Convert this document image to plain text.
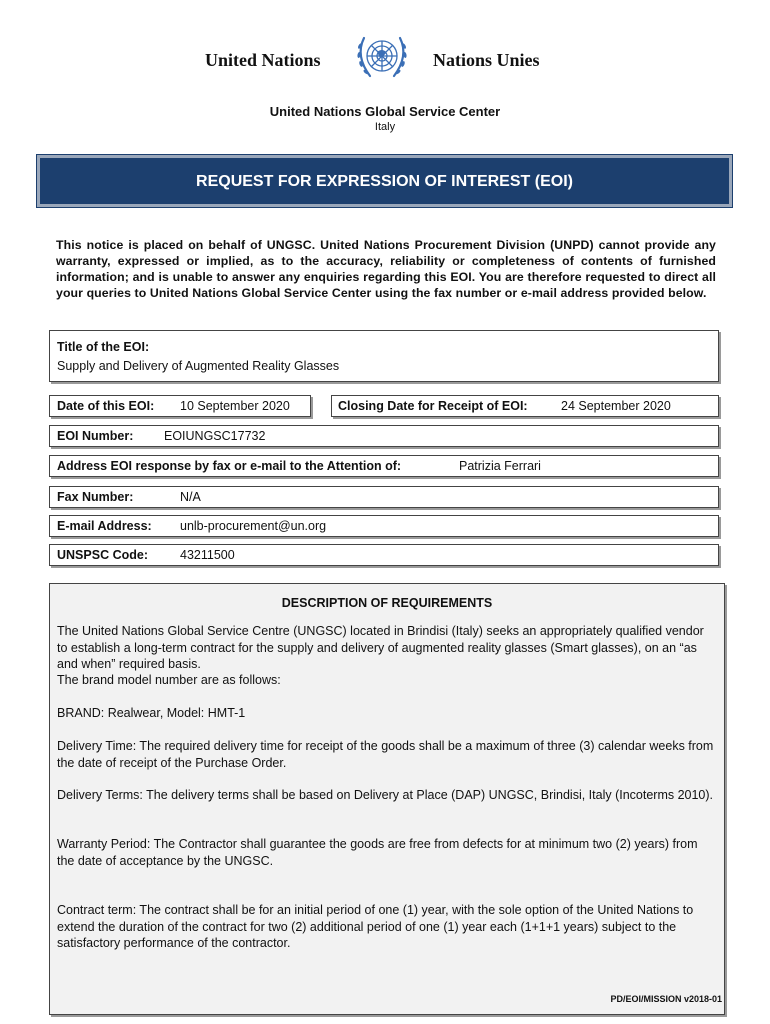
United Nations	Nations Unies
United Nations Global Service Center
Italy
REQUEST FOR EXPRESSION OF INTEREST (EOI)
This notice is placed on behalf of UNGSC. United Nations Procurement Division (UNPD) cannot provide any warranty, expressed or implied, as to the accuracy, reliability or completeness of contents of furnished information; and is unable to answer any enquiries regarding this EOI. You are therefore requested to direct all your queries to United Nations Global Service Center using the fax number or e-mail address provided below.
Title of the EOI:
Supply and Delivery of Augmented Reality Glasses
Date of this EOI: 10 September 2020	Closing Date for Receipt of EOI:	24 September 2020
EOI Number: EOIUNGSC17732
Address EOI response by fax or e-mail to the Attention of:	Patrizia Ferrari
Fax Number:	N/A
E-mail Address: unlb-procurement@un.org
UNSPSC Code:	43211500
DESCRIPTION OF REQUIREMENTS

The United Nations Global Service Centre (UNGSC) located in Brindisi (Italy) seeks an appropriately qualified vendor to establish a long-term contract for the supply and delivery of augmented reality glasses (Smart glasses), on an “as and when” required basis.

The brand model number are as follows:

BRAND: Realwear, Model: HMT-1

Delivery Time: The required delivery time for receipt of the goods shall be a maximum of three (3) calendar weeks from the date of receipt of the Purchase Order.

Delivery Terms: The delivery terms shall be based on Delivery at Place (DAP) UNGSC, Brindisi, Italy (Incoterms 2010).

Warranty Period: The Contractor shall guarantee the goods are free from defects for at minimum two (2) years) from the date of acceptance by the UNGSC.

Contract term: The contract shall be for an initial period of one (1) year, with the sole option of the United Nations to extend the duration of the contract for two (2) additional period of one (1) year each (1+1+1 years) subject to the satisfactory performance of the contractor.

PD/EOI/MISSION v2018-01
